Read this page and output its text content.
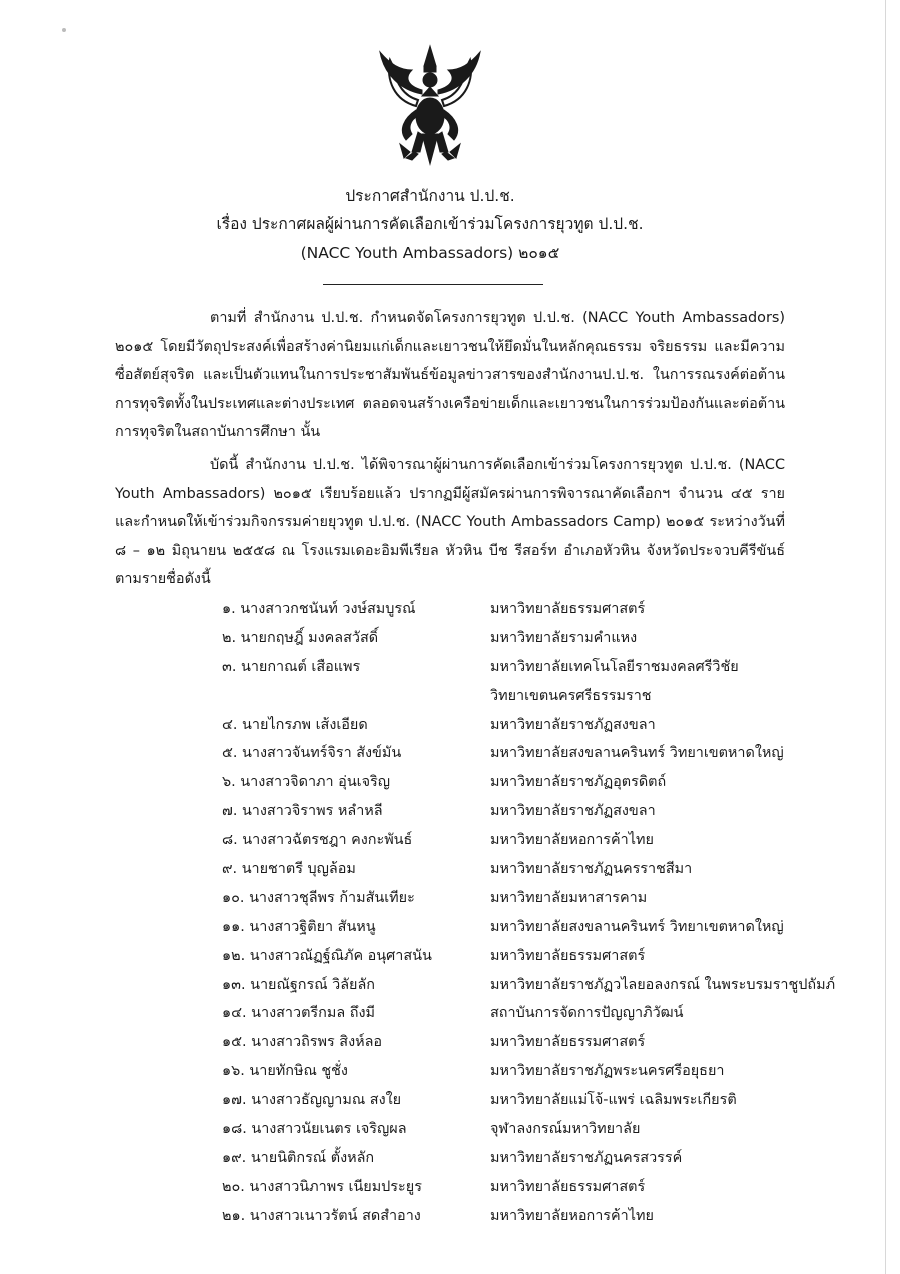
ประกาศสำนักงาน ป.ป.ช.
เรื่อง ประกาศผลผู้ผ่านการคัดเลือกเข้าร่วมโครงการยุวทูต ป.ป.ช.
(NACC Youth Ambassadors) ๒๐๑๕
ตามที่ สำนักงาน ป.ป.ช. กำหนดจัดโครงการยุวทูต ป.ป.ช. (NACC Youth Ambassadors) ๒๐๑๕ โดยมีวัตถุประสงค์เพื่อสร้างค่านิยมแก่เด็กและเยาวชนให้ยึดมั่นในหลักคุณธรรม จริยธรรม และมีความซื่อสัตย์สุจริต และเป็นตัวแทนในการประชาสัมพันธ์ข้อมูลข่าวสารของสำนักงานป.ป.ช. ในการรณรงค์ต่อต้านการทุจริตทั้งในประเทศและต่างประเทศ ตลอดจนสร้างเครือข่ายเด็กและเยาวชนในการร่วมป้องกันและต่อต้านการทุจริตในสถาบันการศึกษา นั้น
บัดนี้ สำนักงาน ป.ป.ช. ได้พิจารณาผู้ผ่านการคัดเลือกเข้าร่วมโครงการยุวทูต ป.ป.ช. (NACC Youth Ambassadors) ๒๐๑๕ เรียบร้อยแล้ว ปรากฏมีผู้สมัครผ่านการพิจารณาคัดเลือกฯ จำนวน ๔๕ ราย และกำหนดให้เข้าร่วมกิจกรรมค่ายยุวทูต ป.ป.ช. (NACC Youth Ambassadors Camp) ๒๐๑๕ ระหว่างวันที่ ๘ – ๑๒ มิถุนายน ๒๕๕๘ ณ โรงแรมเดอะอิมพีเรียล หัวหิน บีช รีสอร์ท อำเภอหัวหิน จังหวัดประจวบคีรีขันธ์ ตามรายชื่อดังนี้
๑. นางสาวกชนันท์ วงษ์สมบูรณ์	มหาวิทยาลัยธรรมศาสตร์
๒. นายกฤษฎิ์ มงคลสวัสดิ์	มหาวิทยาลัยรามคำแหง
๓. นายกาณต์ เสือแพร	มหาวิทยาลัยเทคโนโลยีราชมงคลศรีวิชัย
วิทยาเขตนครศรีธรรมราช
๔. นายไกรภพ เส้งเอียด	มหาวิทยาลัยราชภัฏสงขลา
๕. นางสาวจันทร์จิรา สังข์มัน	มหาวิทยาลัยสงขลานครินทร์ วิทยาเขตหาดใหญ่
๖. นางสาวจิดาภา อุ่นเจริญ	มหาวิทยาลัยราชภัฏอุตรดิตถ์
๗. นางสาวจิราพร หลำหลี	มหาวิทยาลัยราชภัฏสงขลา
๘. นางสาวฉัตรชฎา คงกะพันธ์	มหาวิทยาลัยหอการค้าไทย
๙. นายชาตรี บุญล้อม	มหาวิทยาลัยราชภัฏนครราชสีมา
๑๐. นางสาวชุลีพร ก้ามสันเทียะ	มหาวิทยาลัยมหาสารคาม
๑๑. นางสาวฐิติยา สันหนู	มหาวิทยาลัยสงขลานครินทร์ วิทยาเขตหาดใหญ่
๑๒. นางสาวณัฏฐ์ณิภัค อนุศาสนัน	มหาวิทยาลัยธรรมศาสตร์
๑๓. นายณัฐกรณ์ วิลัยลัก	มหาวิทยาลัยราชภัฏวไลยอลงกรณ์ ในพระบรมราชูปถัมภ์
๑๔. นางสาวตรีกมล ถึงมี	สถาบันการจัดการปัญญาภิวัฒน์
๑๕. นางสาวถิรพร สิงห์ลอ	มหาวิทยาลัยธรรมศาสตร์
๑๖. นายทักษิณ ชูชั่ง	มหาวิทยาลัยราชภัฏพระนครศรีอยุธยา
๑๗. นางสาวธัญญามณ สงใย	มหาวิทยาลัยแม่โจ้-แพร่ เฉลิมพระเกียรติ
๑๘. นางสาวนัยเนตร เจริญผล	จุฬาลงกรณ์มหาวิทยาลัย
๑๙. นายนิติกรณ์ ตั้งหลัก	มหาวิทยาลัยราชภัฏนครสวรรค์
๒๐. นางสาวนิภาพร เนียมประยูร	มหาวิทยาลัยธรรมศาสตร์
๒๑. นางสาวเนาวรัตน์ สดสำอาง	มหาวิทยาลัยหอการค้าไทย
